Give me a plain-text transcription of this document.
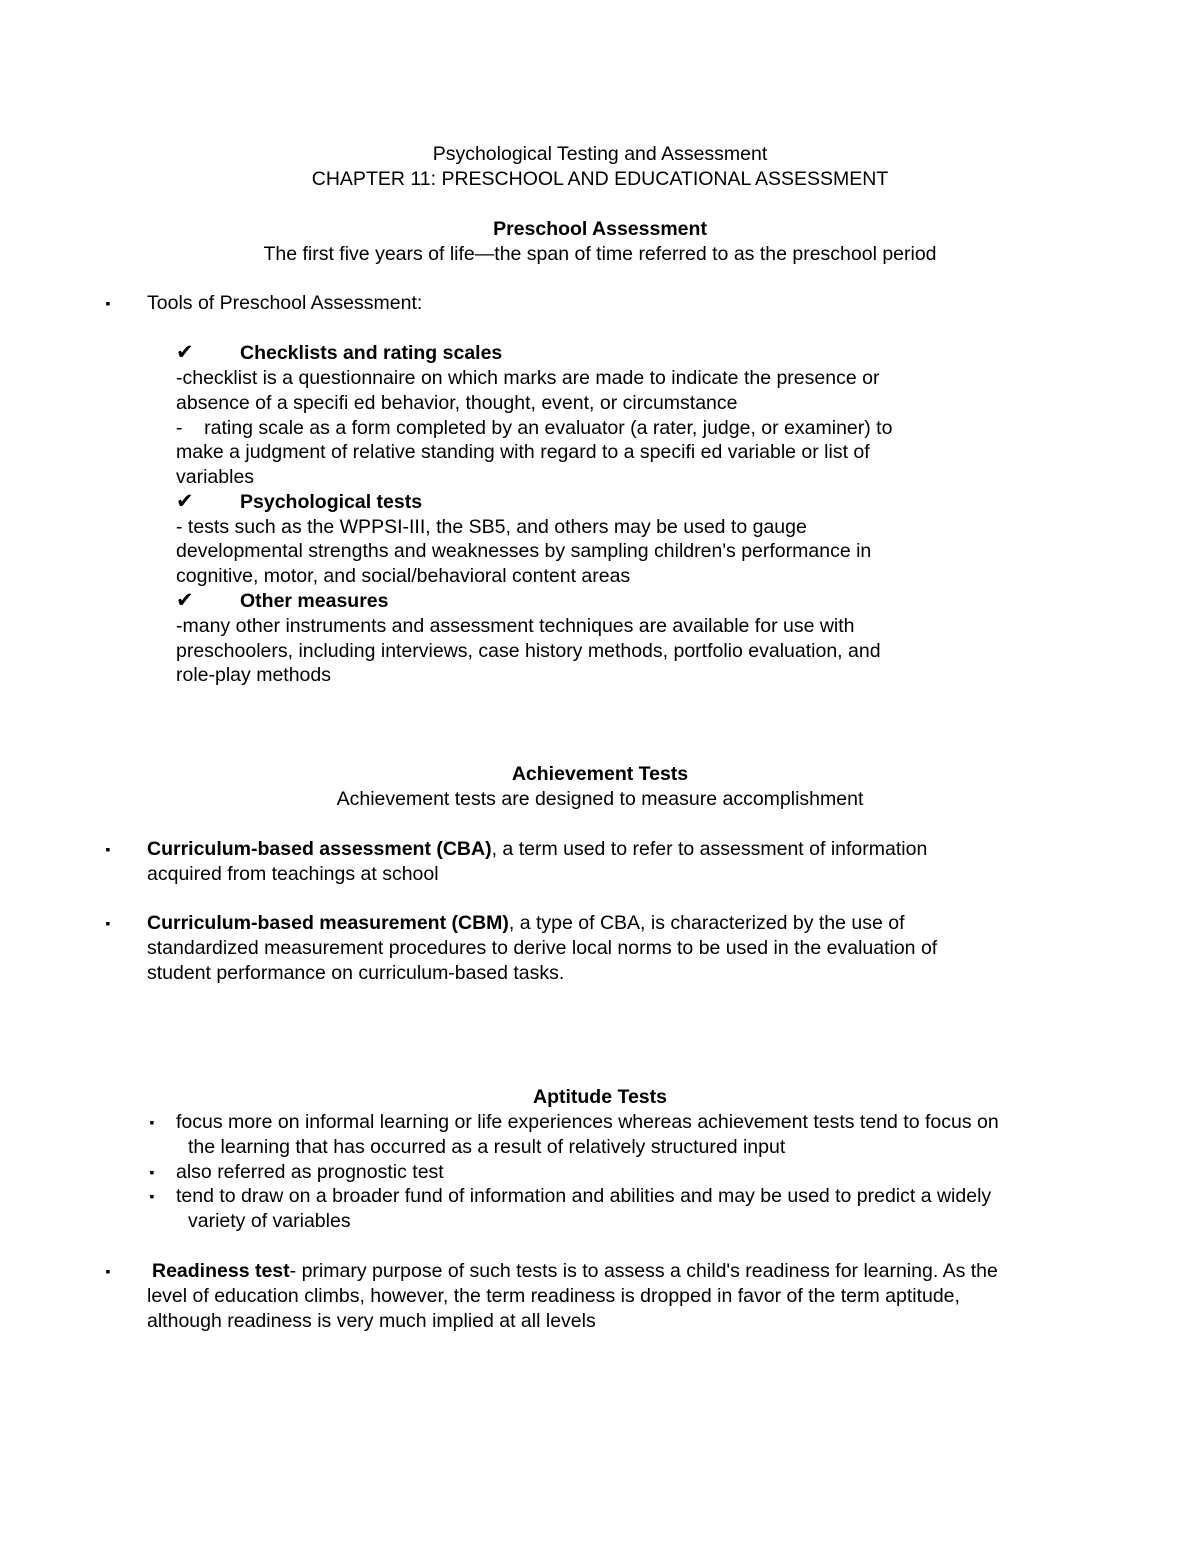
Psychological Testing and Assessment
CHAPTER 11: PRESCHOOL AND EDUCATIONAL ASSESSMENT
Preschool Assessment
The first five years of life—the span of time referred to as the preschool period
▪ Tools of Preschool Assessment:
✔ Checklists and rating scales
-checklist is a questionnaire on which marks are made to indicate the presence or
absence of a specifi ed behavior, thought, event, or circumstance
-    rating scale as a form completed by an evaluator (a rater, judge, or examiner) to
make a judgment of relative standing with regard to a specifi ed variable or list of
variables
✔ Psychological tests
- tests such as the WPPSI-III, the SB5, and others may be used to gauge
developmental strengths and weaknesses by sampling children's performance in
cognitive, motor, and social/behavioral content areas
✔ Other measures
-many other instruments and assessment techniques are available for use with
preschoolers, including interviews, case history methods, portfolio evaluation, and
role-play methods
Achievement Tests
Achievement tests are designed to measure accomplishment
▪ Curriculum-based assessment (CBA), a term used to refer to assessment of information
acquired from teachings at school
▪ Curriculum-based measurement (CBM), a type of CBA, is characterized by the use of
standardized measurement procedures to derive local norms to be used in the evaluation of
student performance on curriculum-based tasks.
Aptitude Tests
▪ focus more on informal learning or life experiences whereas achievement tests tend to focus on
the learning that has occurred as a result of relatively structured input
▪ also referred as prognostic test
▪ tend to draw on a broader fund of information and abilities and may be used to predict a widely
variety of variables
▪ Readiness test- primary purpose of such tests is to assess a child's readiness for learning. As the
level of education climbs, however, the term readiness is dropped in favor of the term aptitude,
although readiness is very much implied at all levels
